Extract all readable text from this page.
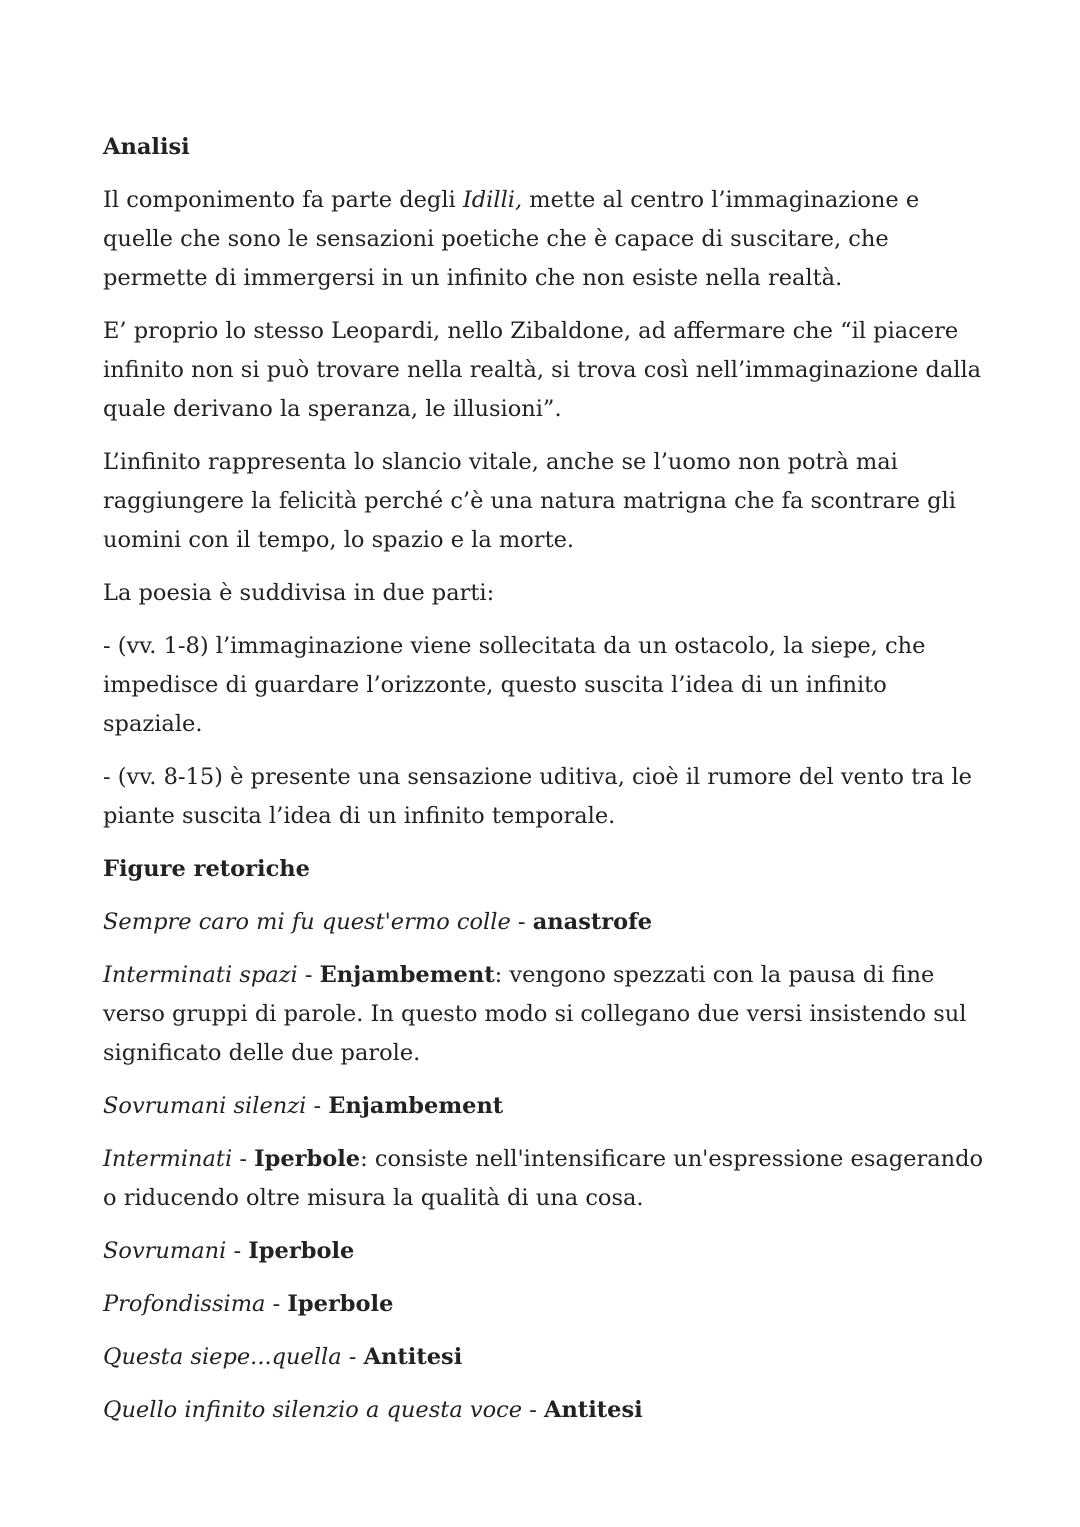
Analisi
Il componimento fa parte degli Idilli, mette al centro l’immaginazione e quelle che sono le sensazioni poetiche che è capace di suscitare, che permette di immergersi in un infinito che non esiste nella realtà.
E’ proprio lo stesso Leopardi, nello Zibaldone, ad affermare che “il piacere infinito non si può trovare nella realtà, si trova così nell’immaginazione dalla quale derivano la speranza, le illusioni”.
L’infinito rappresenta lo slancio vitale, anche se l’uomo non potrà mai raggiungere la felicità perché c’è una natura matrigna che fa scontrare gli uomini con il tempo, lo spazio e la morte.
La poesia è suddivisa in due parti:
- (vv. 1-8) l’immaginazione viene sollecitata da un ostacolo, la siepe, che impedisce di guardare l’orizzonte, questo suscita l’idea di un infinito spaziale.
- (vv. 8-15) è presente una sensazione uditiva, cioè il rumore del vento tra le piante suscita l’idea di un infinito temporale.
Figure retoriche
Sempre caro mi fu quest'ermo colle - anastrofe
Interminati spazi - Enjambement: vengono spezzati con la pausa di fine verso gruppi di parole. In questo modo si collegano due versi insistendo sul significato delle due parole.
Sovrumani silenzi - Enjambement
Interminati - Iperbole: consiste nell'intensificare un'espressione esagerando o riducendo oltre misura la qualità di una cosa.
Sovrumani - Iperbole
Profondissima - Iperbole
Questa siepe...quella - Antitesi
Quello infinito silenzio a questa voce - Antitesi
